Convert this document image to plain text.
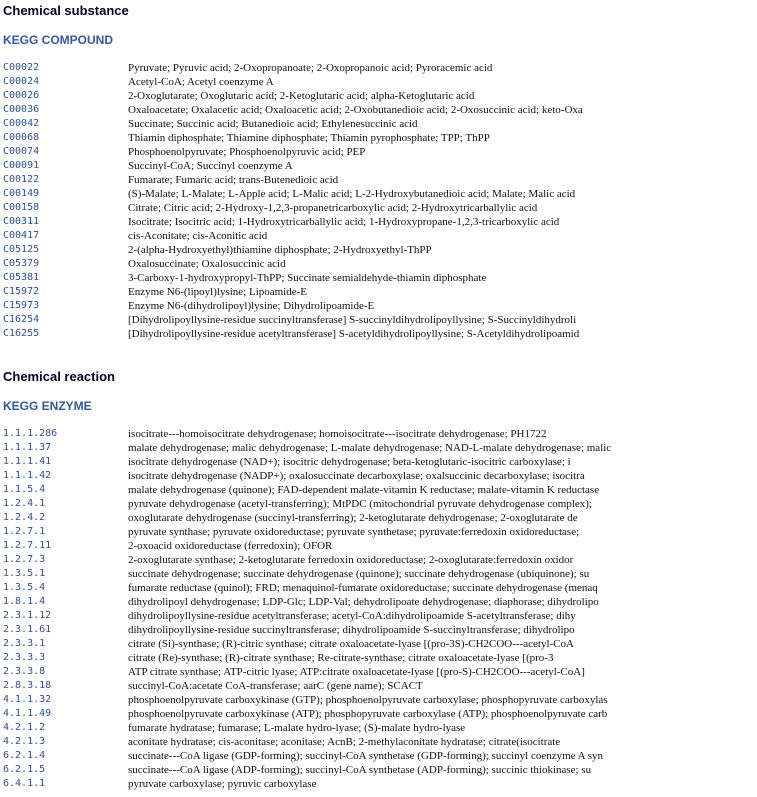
Chemical substance
KEGG COMPOUND
C00022	Pyruvate; Pyruvic acid; 2-Oxopropanoate; 2-Oxopropanoic acid; Pyroracemic acid
C00024	Acetyl-CoA; Acetyl coenzyme A
C00026	2-Oxoglutarate; Oxoglutaric acid; 2-Ketoglutaric acid; alpha-Ketoglutaric acid
C00036	Oxaloacetate; Oxalacetic acid; Oxaloacetic acid; 2-Oxobutanedioic acid; 2-Oxosuccinic acid; keto-Oxa
C00042	Succinate; Succinic acid; Butanedioic acid; Ethylenesuccinic acid
C00068	Thiamin diphosphate; Thiamine diphosphate; Thiamin pyrophosphate; TPP; ThPP
C00074	Phosphoenolpyruvate; Phosphoenolpyruvic acid; PEP
C00091	Succinyl-CoA; Succinyl coenzyme A
C00122	Fumarate; Fumaric acid; trans-Butenedioic acid
C00149	(S)-Malate; L-Malate; L-Apple acid; L-Malic acid; L-2-Hydroxybutanedioic acid; Malate; Malic acid
C00158	Citrate; Citric acid; 2-Hydroxy-1,2,3-propanetricarboxylic acid; 2-Hydroxytricarballylic acid
C00311	Isocitrate; Isocitric acid; 1-Hydroxytricarballylic acid; 1-Hydroxypropane-1,2,3-tricarboxylic acid
C00417	cis-Aconitate; cis-Aconitic acid
C05125	2-(alpha-Hydroxyethyl)thiamine diphosphate; 2-Hydroxyethyl-ThPP
C05379	Oxalosuccinate; Oxalosuccinic acid
C05381	3-Carboxy-1-hydroxypropyl-ThPP; Succinate semialdehyde-thiamin diphosphate
C15972	Enzyme N6-(lipoyl)lysine; Lipoamide-E
C15973	Enzyme N6-(dihydrolipoyl)lysine; Dihydrolipoamide-E
C16254	[Dihydrolipoyllysine-residue succinyltransferase] S-succinyldihydrolipoyllysine; S-Succinyldihydroli
C16255	[Dihydrolipoyllysine-residue acetyltransferase] S-acetyldihydrolipoyllysine; S-Acetyldihydrolipoamid
Chemical reaction
KEGG ENZYME
1.1.1.286	isocitrate---homoisocitrate dehydrogenase; homoisocitrate---isocitrate dehydrogenase; PH1722
1.1.1.37	malate dehydrogenase; malic dehydrogenase; L-malate dehydrogenase; NAD-L-malate dehydrogenase; malic
1.1.1.41	isocitrate dehydrogenase (NAD+); isocitric dehydrogenase; beta-ketoglutaric-isocitric carboxylase; i
1.1.1.42	isocitrate dehydrogenase (NADP+); oxalosuccinate decarboxylase; oxalsuccinic decarboxylase; isocitra
1.1.5.4	malate dehydrogenase (quinone); FAD-dependent malate-vitamin K reductase; malate-vitamin K reductase
1.2.4.1	pyruvate dehydrogenase (acetyl-transferring); MtPDC (mitochondrial pyruvate dehydrogenase complex);
1.2.4.2	oxoglutarate dehydrogenase (succinyl-transferring); 2-ketoglutarate dehydrogenase; 2-oxoglutarate de
1.2.7.1	pyruvate synthase; pyruvate oxidoreductase; pyruvate synthetase; pyruvate:ferredoxin oxidoreductase;
1.2.7.11	2-oxoacid oxidoreductase (ferredoxin); OFOR
1.2.7.3	2-oxoglutarate synthase; 2-ketoglutarate ferredoxin oxidoreductase; 2-oxoglutarate:ferredoxin oxidor
1.3.5.1	succinate dehydrogenase; succinate dehydrogenase (quinone); succinate dehydrogenase (ubiquinone); su
1.3.5.4	fumarate reductase (quinol); FRD; menaquinol-fumarate oxidoreductase; succinate dehydrogenase (menaq
1.8.1.4	dihydrolipoyl dehydrogenase; LDP-Glc; LDP-Val; dehydrolipoate dehydrogenase; diaphorase; dihydrolipo
2.3.1.12	dihydrolipoyllysine-residue acetyltransferase; acetyl-CoA:dihydrolipoamide S-acetyltransferase; dihy
2.3.1.61	dihydrolipoyllysine-residue succinyltransferase; dihydrolipoamide S-succinyltransferase; dihydrolipo
2.3.3.1	citrate (Si)-synthase; (R)-citric synthase; citrate oxaloacetate-lyase [(pro-3S)-CH2COO---acetyl-CoA
2.3.3.3	citrate (Re)-synthase; (R)-citrate synthase; Re-citrate-synthase; citrate oxaloacetate-lyase [(pro-3
2.3.3.8	ATP citrate synthase; ATP-citric lyase; ATP:citrate oxaloacetate-lyase [(pro-S)-CH2COO---acetyl-CoA]
2.8.3.18	succinyl-CoA:acetate CoA-transferase; aarC (gene name); SCACT
4.1.1.32	phosphoenolpyruvate carboxykinase (GTP); phosphoenolpyruvate carboxylase; phosphopyruvate carboxylas
4.1.1.49	phosphoenolpyruvate carboxykinase (ATP); phosphopyruvate carboxylase (ATP); phosphoenolpyruvate carb
4.2.1.2	fumarate hydratase; fumarase; L-malate hydro-lyase; (S)-malate hydro-lyase
4.2.1.3	aconitate hydratase; cis-aconitase; aconitase; AcnB; 2-methylaconitate hydratase; citrate(isocitrate
6.2.1.4	succinate---CoA ligase (GDP-forming); succinyl-CoA synthetase (GDP-forming); succinyl coenzyme A syn
6.2.1.5	succinate---CoA ligase (ADP-forming); succinyl-CoA synthetase (ADP-forming); succinic thiokinase; su
6.4.1.1	pyruvate carboxylase; pyruvic carboxylase
